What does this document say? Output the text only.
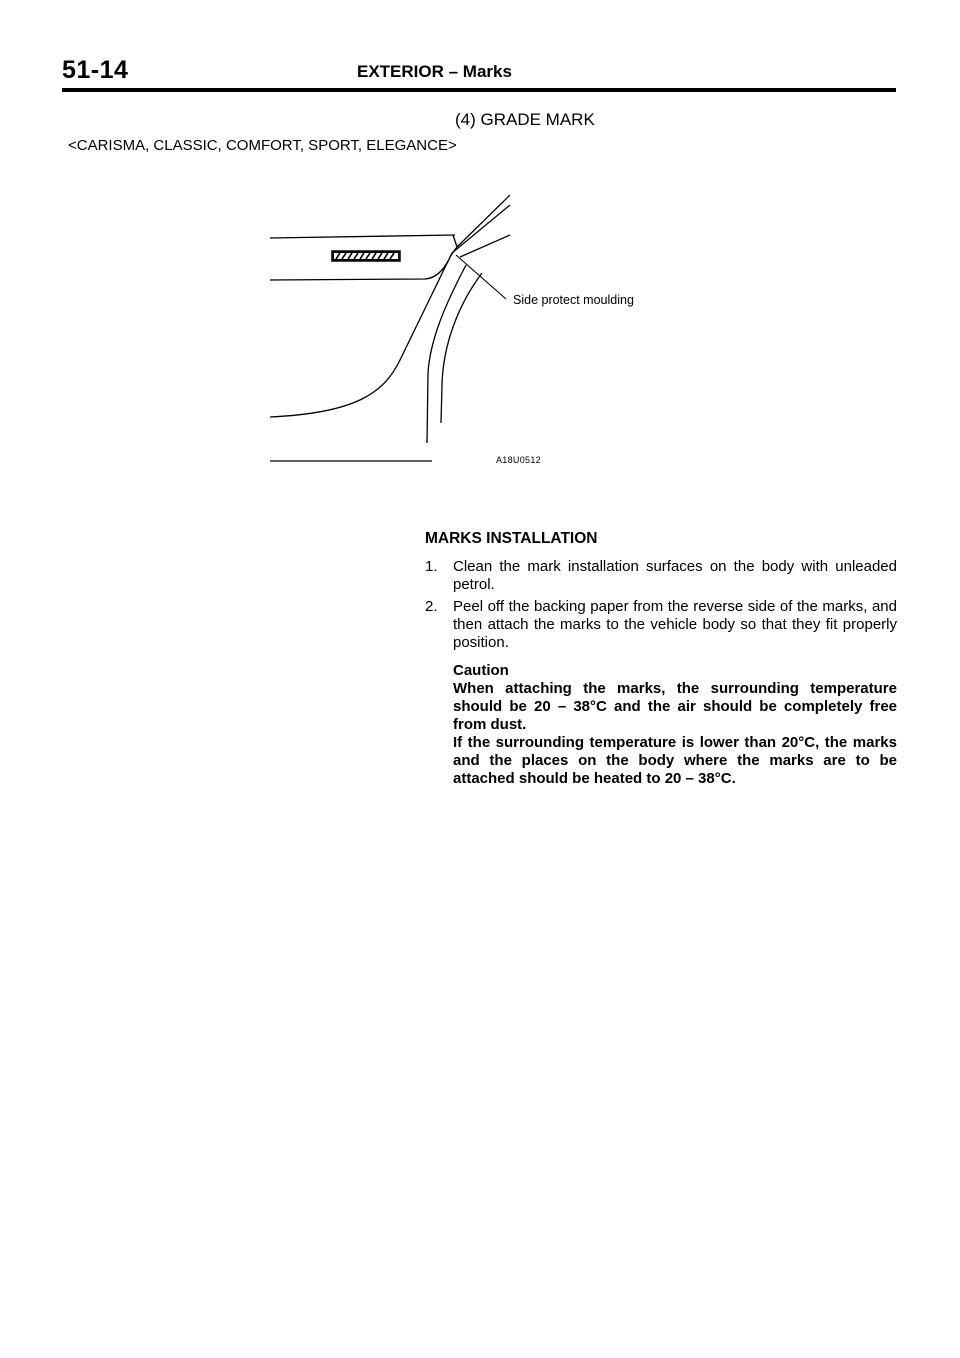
51-14	EXTERIOR – Marks
(4) GRADE MARK
<CARISMA, CLASSIC, COMFORT, SPORT, ELEGANCE>
Side protect moulding
A18U0512
MARKS INSTALLATION
1.	Clean the mark installation surfaces on the body with unleaded petrol.
2.	Peel off the backing paper from the reverse side of the marks, and then attach the marks to the vehicle body so that they fit properly position.

Caution

When attaching the marks, the surrounding temperature should be 20 – 38°C and the air should be completely free from dust.

If the surrounding temperature is lower than 20°C, the marks and the places on the body where the marks are to be attached should be heated to 20 – 38°C.
